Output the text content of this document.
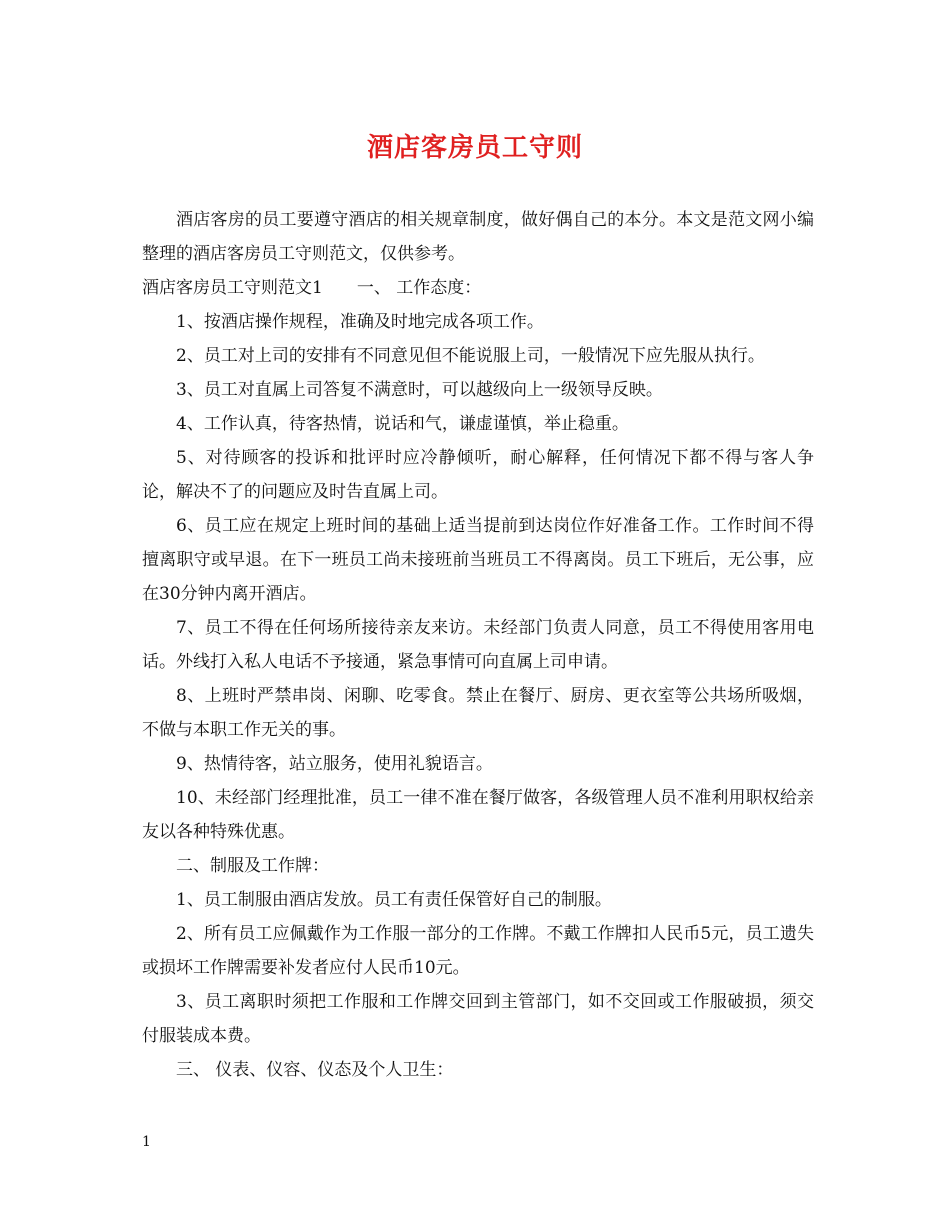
酒店客房员工守则

酒店客房的员工要遵守酒店的相关规章制度，做好偶自己的本分。本文是范文网小编整理的酒店客房员工守则范文，仅供参考。

酒店客房员工守则范文1 一、 工作态度：

1、按酒店操作规程，准确及时地完成各项工作。

2、员工对上司的安排有不同意见但不能说服上司，一般情况下应先服从执行。

3、员工对直属上司答复不满意时，可以越级向上一级领导反映。

4、工作认真，待客热情，说话和气，谦虚谨慎，举止稳重。

5、对待顾客的投诉和批评时应冷静倾听，耐心解释，任何情况下都不得与客人争论，解决不了的问题应及时告直属上司。

6、员工应在规定上班时间的基础上适当提前到达岗位作好准备工作。工作时间不得擅离职守或早退。在下一班员工尚未接班前当班员工不得离岗。员工下班后，无公事，应在30分钟内离开酒店。

7、员工不得在任何场所接待亲友来访。未经部门负责人同意，员工不得使用客用电话。外线打入私人电话不予接通，紧急事情可向直属上司申请。

8、上班时严禁串岗、闲聊、吃零食。禁止在餐厅、厨房、更衣室等公共场所吸烟，不做与本职工作无关的事。

9、热情待客，站立服务，使用礼貌语言。

10、未经部门经理批准，员工一律不准在餐厅做客，各级管理人员不准利用职权给亲友以各种特殊优惠。

二、制服及工作牌：

1、员工制服由酒店发放。员工有责任保管好自己的制服。

2、所有员工应佩戴作为工作服一部分的工作牌。不戴工作牌扣人民币5元，员工遗失或损坏工作牌需要补发者应付人民币10元。

3、员工离职时须把工作服和工作牌交回到主管部门，如不交回或工作服破损，须交付服装成本费。

三、 仪表、仪容、仪态及个人卫生：

1
